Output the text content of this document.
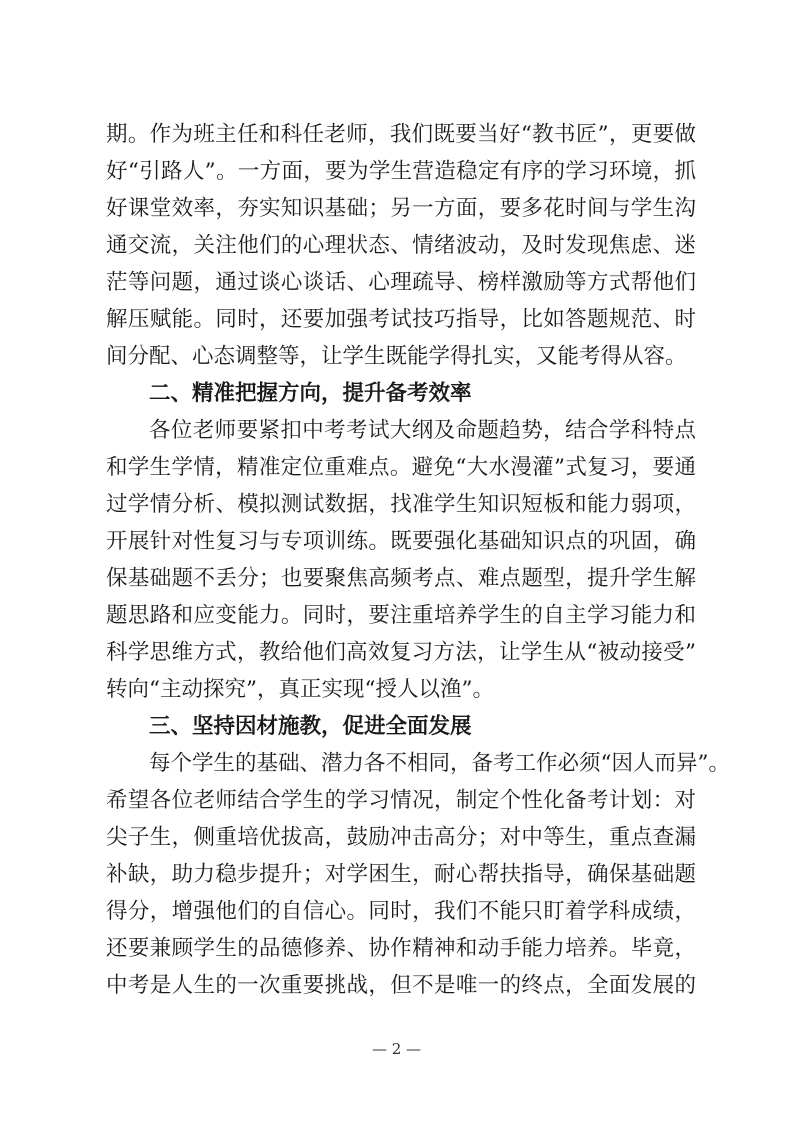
期。作为班主任和科任老师，我们既要当好“教书匠”，更要做
好“引路人”。一方面，要为学生营造稳定有序的学习环境，抓
好课堂效率，夯实知识基础；另一方面，要多花时间与学生沟
通交流，关注他们的心理状态、情绪波动，及时发现焦虑、迷
茫等问题，通过谈心谈话、心理疏导、榜样激励等方式帮他们
解压赋能。同时，还要加强考试技巧指导，比如答题规范、时
间分配、心态调整等，让学生既能学得扎实，又能考得从容。
二、精准把握方向，提升备考效率
各位老师要紧扣中考考试大纲及命题趋势，结合学科特点
和学生学情，精准定位重难点。避免“大水漫灌”式复习，要通
过学情分析、模拟测试数据，找准学生知识短板和能力弱项，
开展针对性复习与专项训练。既要强化基础知识点的巩固，确
保基础题不丢分；也要聚焦高频考点、难点题型，提升学生解
题思路和应变能力。同时，要注重培养学生的自主学习能力和
科学思维方式，教给他们高效复习方法，让学生从“被动接受”
转向“主动探究”，真正实现“授人以渔”。
三、坚持因材施教，促进全面发展
每个学生的基础、潜力各不相同，备考工作必须“因人而异”。
希望各位老师结合学生的学习情况，制定个性化备考计划：对
尖子生，侧重培优拔高，鼓励冲击高分；对中等生，重点查漏
补缺，助力稳步提升；对学困生，耐心帮扶指导，确保基础题
得分，增强他们的自信心。同时，我们不能只盯着学科成绩，
还要兼顾学生的品德修养、协作精神和动手能力培养。毕竟，
中考是人生的一次重要挑战，但不是唯一的终点，全面发展的
— 2 —
